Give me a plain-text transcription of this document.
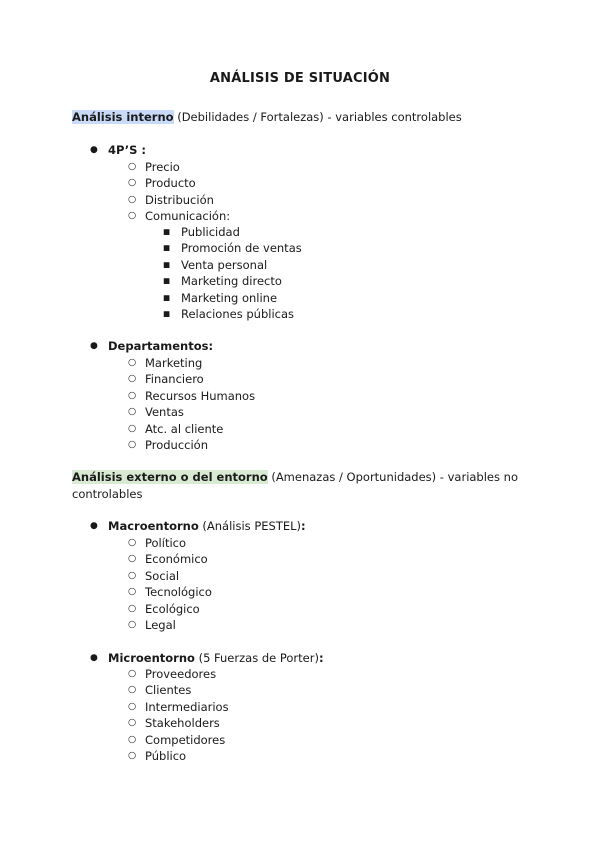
ANÁLISIS DE SITUACIÓN
Análisis interno (Debilidades / Fortalezas) - variables controlables
● 4P’S :
○ Precio
○ Producto
○ Distribución
○ Comunicación:
■ Publicidad
■ Promoción de ventas
■ Venta personal
■ Marketing directo
■ Marketing online
■ Relaciones públicas
● Departamentos:
○ Marketing
○ Financiero
○ Recursos Humanos
○ Ventas
○ Atc. al cliente
○ Producción
Análisis externo o del entorno (Amenazas / Oportunidades) - variables no controlables
● Macroentorno (Análisis PESTEL):
○ Político
○ Económico
○ Social
○ Tecnológico
○ Ecológico
○ Legal
● Microentorno (5 Fuerzas de Porter):
○ Proveedores
○ Clientes
○ Intermediarios
○ Stakeholders
○ Competidores
○ Público
